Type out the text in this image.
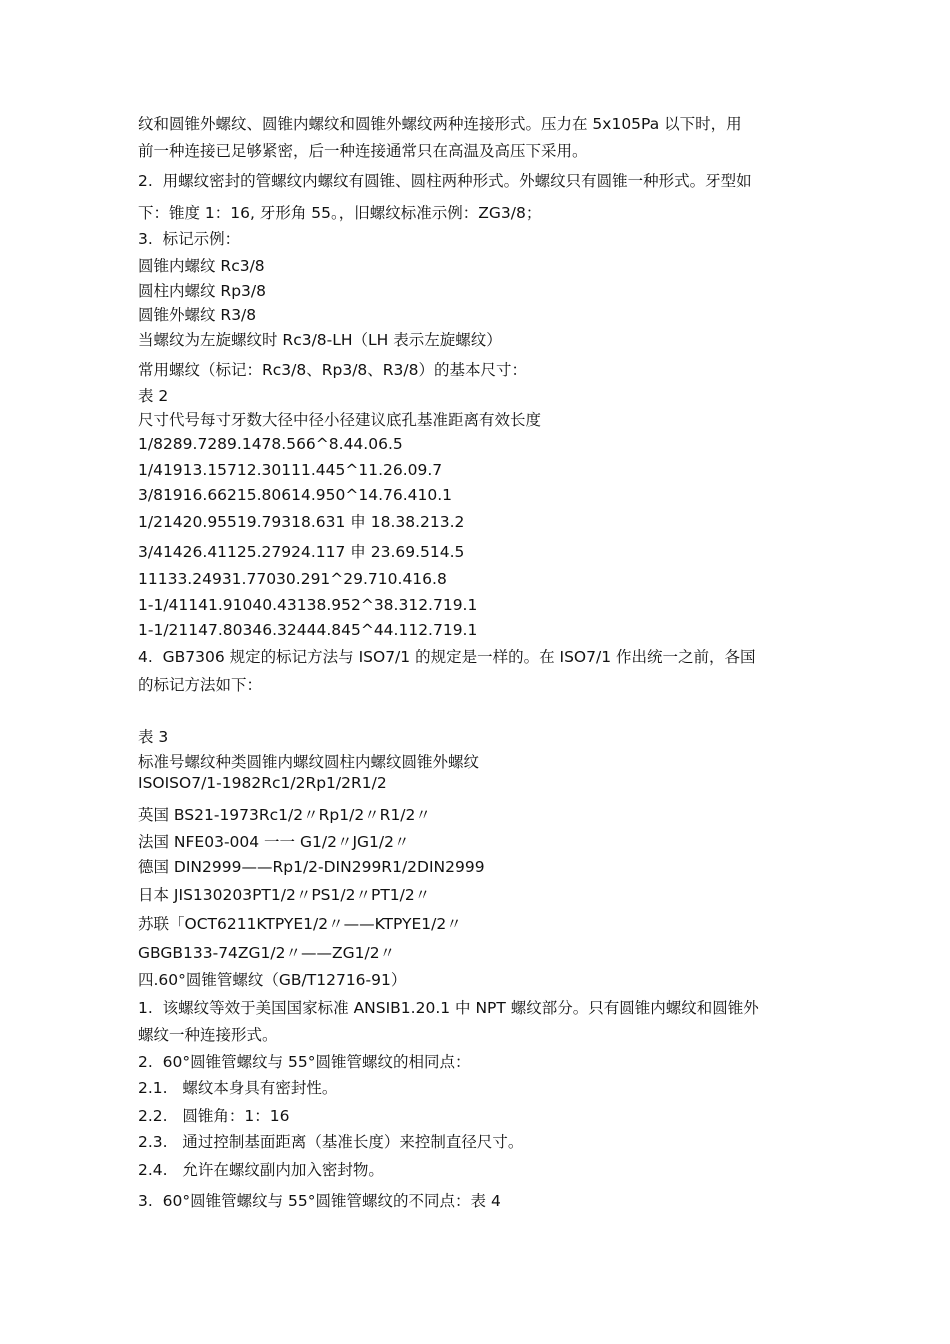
纹和圆锥外螺纹、圆锥内螺纹和圆锥外螺纹两种连接形式。压力在 5x105Pa 以下时，用
前一种连接已足够紧密，后一种连接通常只在高温及高压下采用。
2.  用螺纹密封的管螺纹内螺纹有圆锥、圆柱两种形式。外螺纹只有圆锥一种形式。牙型如
下：锥度 1：16, 牙形角 55。，旧螺纹标准示例：ZG3/8；
3.  标记示例：
圆锥内螺纹 Rc3/8
圆柱内螺纹 Rp3/8
圆锥外螺纹 R3/8
当螺纹为左旋螺纹时 Rc3/8-LH（LH 表示左旋螺纹）
常用螺纹（标记：Rc3/8、Rp3/8、R3/8）的基本尺寸：
表 2
尺寸代号每寸牙数大径中径小径建议底孔基准距离有效长度
1/8289.7289.1478.566^8.44.06.5
1/41913.15712.30111.445^11.26.09.7
3/81916.66215.80614.950^14.76.410.1
1/21420.95519.79318.631 申 18.38.213.2
3/41426.41125.27924.117 申 23.69.514.5
11133.24931.77030.291^29.710.416.8
1-1/41141.91040.43138.952^38.312.719.1
1-1/21147.80346.32444.845^44.112.719.1
4.  GB7306 规定的标记方法与 ISO7/1 的规定是一样的。在 ISO7/1 作出统一之前，各国
的标记方法如下：
表 3
标准号螺纹种类圆锥内螺纹圆柱内螺纹圆锥外螺纹
ISOISO7/1-1982Rc1/2Rp1/2R1/2
英国 BS21-1973Rc1/2〃Rp1/2〃R1/2〃
法国 NFE03-004 一一 G1/2〃JG1/2〃
德国 DIN2999——Rp1/2-DIN299R1/2DIN2999
日本 JIS130203PT1/2〃PS1/2〃PT1/2〃
苏联「OCT6211KTPYE1/2〃——KTPYE1/2〃
GBGB133-74ZG1/2〃——ZG1/2〃
四.60°圆锥管螺纹（GB/T12716-91）
1.  该螺纹等效于美国国家标准 ANSIB1.20.1 中 NPT 螺纹部分。只有圆锥内螺纹和圆锥外
螺纹一种连接形式。
2.  60°圆锥管螺纹与 55°圆锥管螺纹的相同点：
2.1.   螺纹本身具有密封性。
2.2.   圆锥角：1：16
2.3.   通过控制基面距离（基准长度）来控制直径尺寸。
2.4.   允许在螺纹副内加入密封物。
3.  60°圆锥管螺纹与 55°圆锥管螺纹的不同点：表 4
